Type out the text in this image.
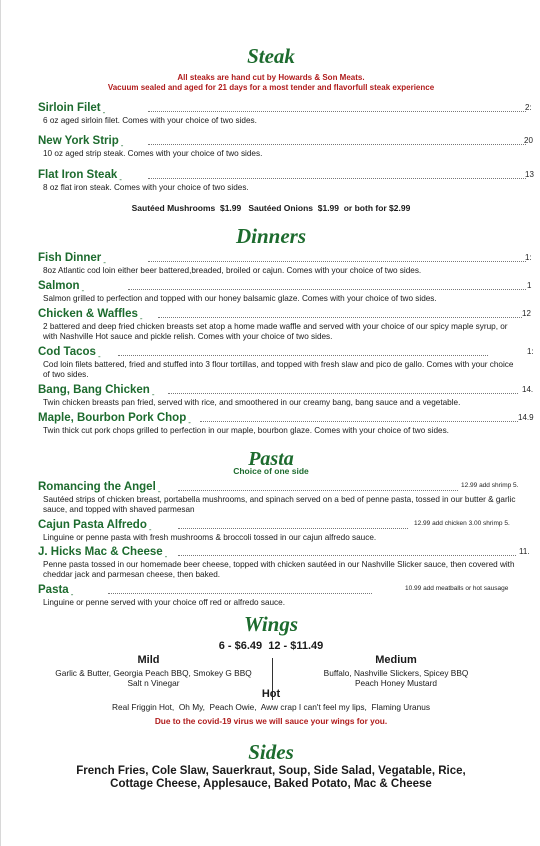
Steak
All steaks are hand cut by Howards & Son Meats.
Vacuum sealed and aged for 21 days for a most tender and flavorfull steak experience
Sirloin Filet -
2:
6 oz aged sirloin filet. Comes with your choice of two sides.
New York Strip -
20
10 oz aged strip steak. Comes with your choice of two sides.
Flat Iron Steak -
13
8 oz flat iron steak. Comes with your choice of two sides.
Sautéed Mushrooms  $1.99   Sautéed Onions  $1.99  or both for $2.99
Dinners
Fish Dinner -
1:
8oz Atlantic cod loin either beer battered,breaded, broiled or cajun. Comes with your choice of two sides.
Salmon -
1
Salmon grilled to perfection and topped with our honey balsamic glaze. Comes with your choice of two sides.
Chicken & Waffles -
12
2 battered and deep fried chicken breasts set atop a home made waffle and served with your choice of our spicy maple syrup, or with Nashville Hot sauce and pickle relish. Comes with your choice of two sides.
Cod Tacos -
1:
Cod loin filets battered, fried and stuffed into 3 flour tortillas, and topped with fresh slaw and pico de gallo. Comes with your choice of two sides.
Bang, Bang Chicken -
14.
Twin chicken breasts pan fried, served with rice, and smoothered in our creamy bang, bang sauce and a vegetable.
Maple, Bourbon Pork Chop -
14.9
Twin thick cut pork chops grilled to perfection in our maple, bourbon glaze. Comes with your choice of two sides.
Pasta
Choice of one side
Romancing the Angel -
12.99 add shrimp 5.
Sautéed strips of chicken breast, portabella mushrooms, and spinach served on a bed of penne pasta, tossed in our butter & garlic sauce, and topped with shaved parmesan
Cajun Pasta Alfredo -
12.99 add chicken 3.00 shrimp 5.
Linguine or penne pasta with fresh mushrooms & broccoli tossed in our cajun alfredo sauce.
J. Hicks Mac & Cheese -
11.
Penne pasta tossed in our homemade beer cheese, topped with chicken sautéed in our Nashville Slicker sauce, then covered with cheddar jack and parmesan cheese, then baked.
Pasta -
10.99 add meatballs or hot sausage
Linguine or penne served with your choice off red or alfredo sauce.
Wings
6 - $6.49  12 - $11.49
Mild
Garlic & Butter, Georgia Peach BBQ, Smokey G BBQ
Salt n Vinegar
Medium
Buffalo, Nashville Slickers, Spicey BBQ
Peach Honey Mustard
Hot
Real Friggin Hot,  Oh My,  Peach Owie,  Aww crap I can't feel my lips,  Flaming Uranus
Due to the covid-19 virus we will sauce your wings for you.
Sides
French Fries, Cole Slaw, Sauerkraut, Soup, Side Salad, Vegatable, Rice,
Cottage Cheese, Applesauce, Baked Potato, Mac & Cheese
